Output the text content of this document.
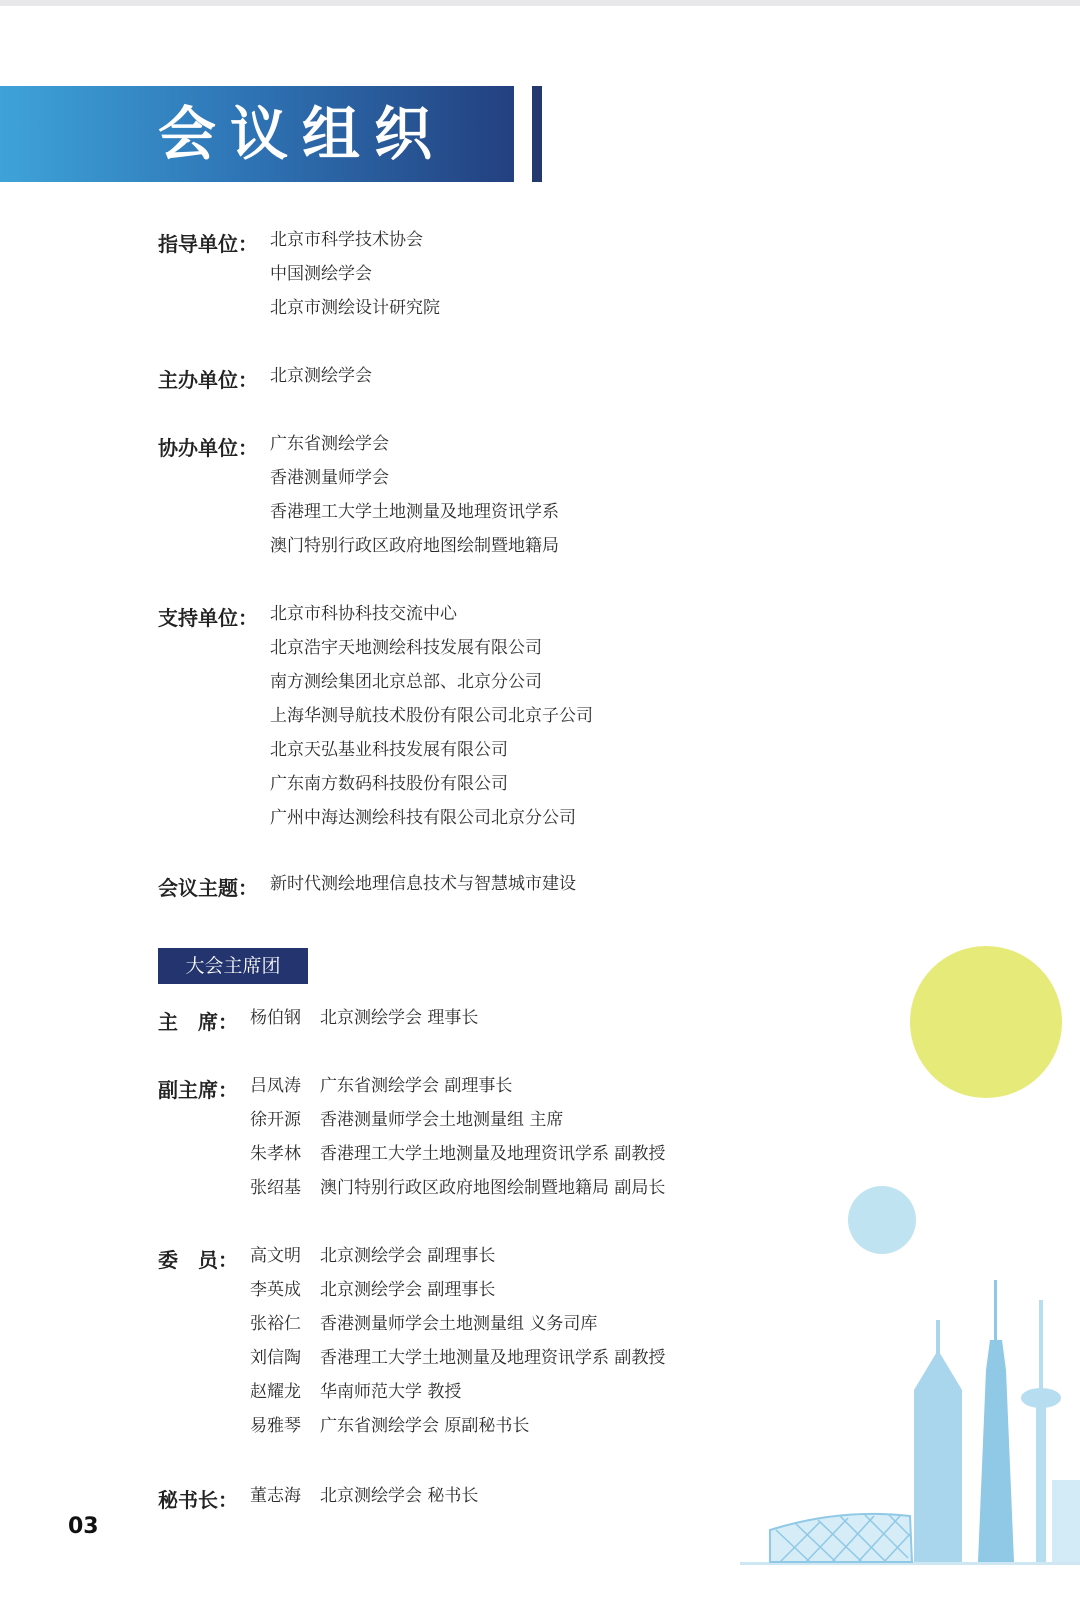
会议组织
指导单位： 北京市科学技术协会
中国测绘学会
北京市测绘设计研究院
主办单位： 北京测绘学会
协办单位： 广东省测绘学会
香港测量师学会
香港理工大学土地测量及地理资讯学系
澳门特别行政区政府地图绘制暨地籍局
支持单位： 北京市科协科技交流中心
北京浩宇天地测绘科技发展有限公司
南方测绘集团北京总部、北京分公司
上海华测导航技术股份有限公司北京子公司
北京天弘基业科技发展有限公司
广东南方数码科技股份有限公司
广州中海达测绘科技有限公司北京分公司
会议主题： 新时代测绘地理信息技术与智慧城市建设
大会主席团
主　席： 杨伯钢 北京测绘学会 理事长
副主席： 吕凤涛 广东省测绘学会 副理事长
徐开源 香港测量师学会土地测量组 主席
朱孝林 香港理工大学土地测量及地理资讯学系 副教授
张绍基 澳门特别行政区政府地图绘制暨地籍局 副局长
委　员： 高文明 北京测绘学会 副理事长
李英成 北京测绘学会 副理事长
张裕仁 香港测量师学会土地测量组 义务司库
刘信陶 香港理工大学土地测量及地理资讯学系 副教授
赵耀龙 华南师范大学 教授
易雅琴 广东省测绘学会 原副秘书长
秘书长： 董志海 北京测绘学会 秘书长
03
